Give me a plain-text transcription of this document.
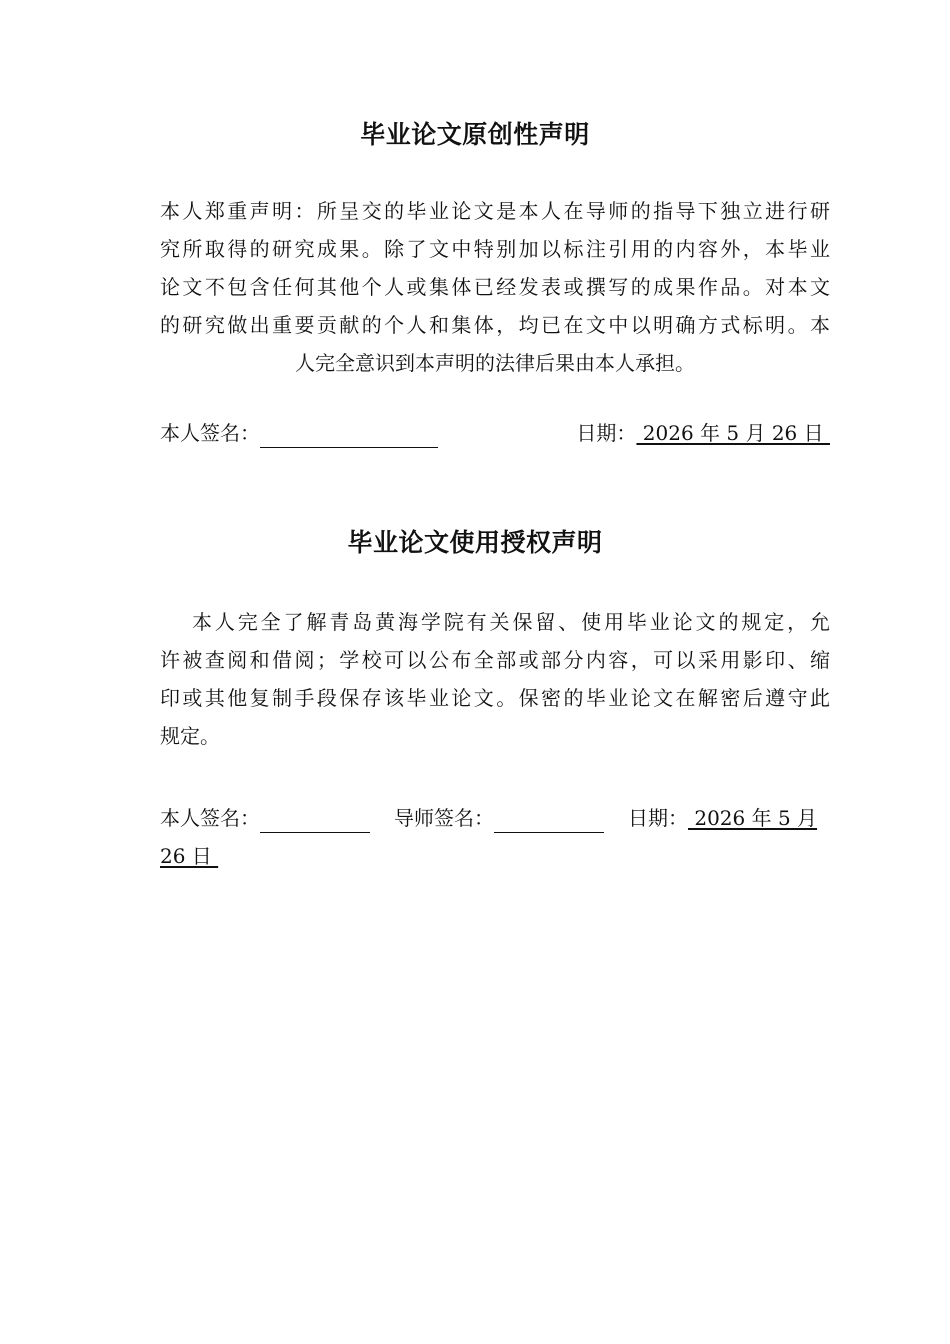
毕业论文原创性声明
本人郑重声明：所呈交的毕业论文是本人在导师的指导下独立进行研
究所取得的研究成果。除了文中特别加以标注引用的内容外，本毕业
论文不包含任何其他个人或集体已经发表或撰写的成果作品。对本文
的研究做出重要贡献的个人和集体，均已在文中以明确方式标明。本
人完全意识到本声明的法律后果由本人承担。
本人签名：	日期： 2026 年 5 月 26 日
毕业论文使用授权声明
本人完全了解青岛黄海学院有关保留、使用毕业论文的规定，允
许被查阅和借阅；学校可以公布全部或部分内容，可以采用影印、缩
印或其他复制手段保存该毕业论文。保密的毕业论文在解密后遵守此
规定。
本人签名：	导师签名：	日期： 2026 年 5 月
26 日
